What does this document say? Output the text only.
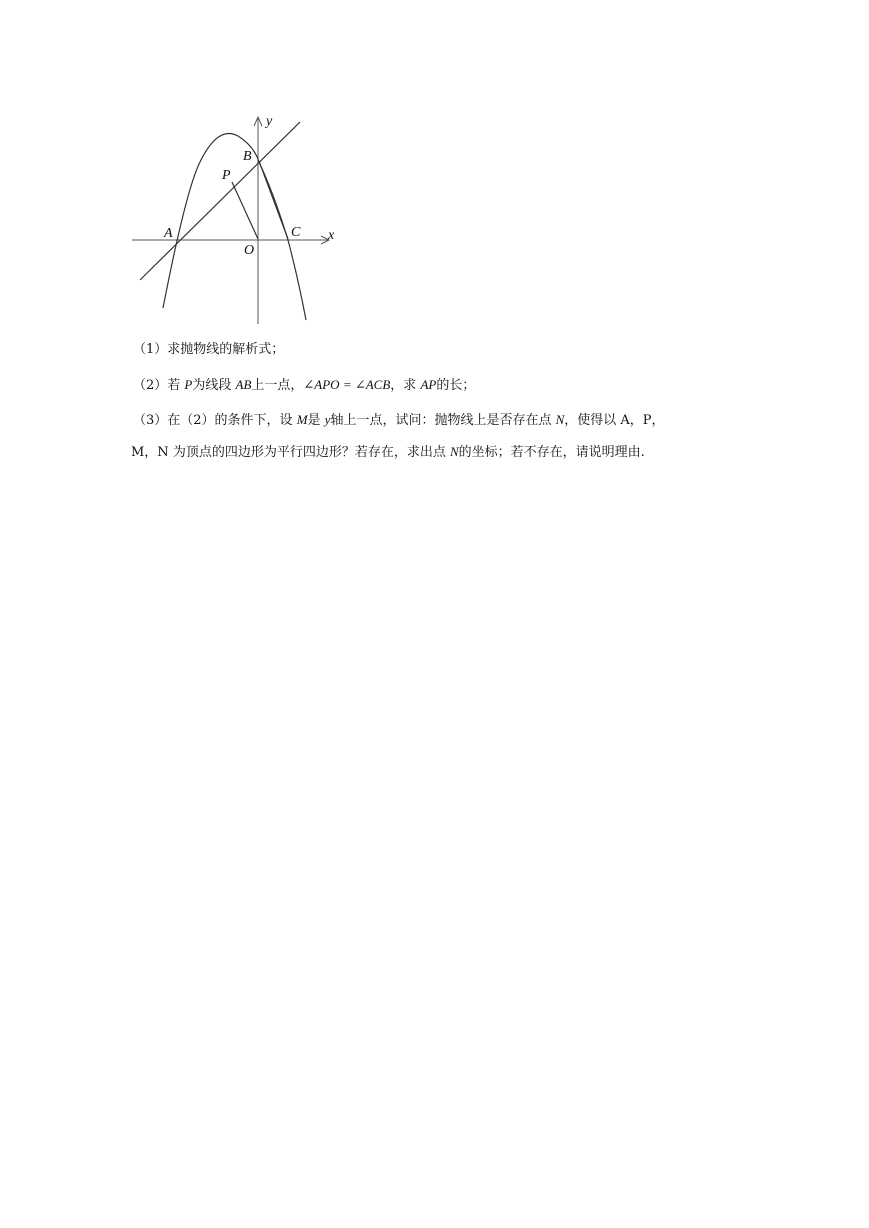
y
x
B
P
A
O
C
（1）求抛物线的解析式；
（2）若 P为线段 AB上一点，∠APO = ∠ACB，求 AP的长；
（3）在（2）的条件下，设 M是 y轴上一点，试问：抛物线上是否存在点 N，使得以 A，P，
M，N 为顶点的四边形为平行四边形？若存在，求出点 N的坐标；若不存在，请说明理由.
